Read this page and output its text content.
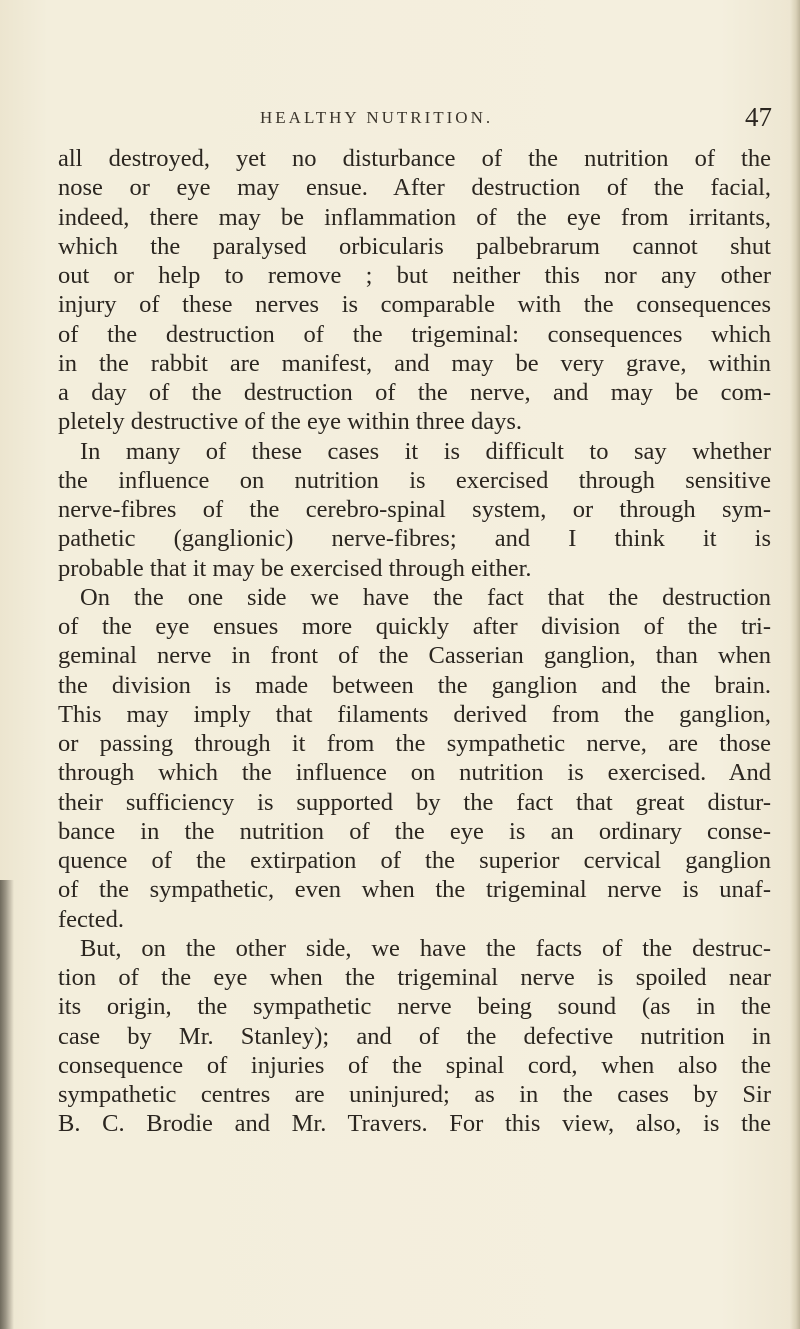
HEALTHY NUTRITION.	47
all destroyed, yet no disturbance of the nutrition of the
nose or eye may ensue. After destruction of the facial,
indeed, there may be inflammation of the eye from irritants,
which the paralysed orbicularis palbebrarum cannot shut
out or help to remove ; but neither this nor any other
injury of these nerves is comparable with the consequences
of the destruction of the trigeminal: consequences which
in the rabbit are manifest, and may be very grave, within
a day of the destruction of the nerve, and may be com-
pletely destructive of the eye within three days.
In many of these cases it is difficult to say whether
the influence on nutrition is exercised through sensitive
nerve-fibres of the cerebro-spinal system, or through sym-
pathetic (ganglionic) nerve-fibres; and I think it is
probable that it may be exercised through either.
On the one side we have the fact that the destruction
of the eye ensues more quickly after division of the tri-
geminal nerve in front of the Casserian ganglion, than when
the division is made between the ganglion and the brain.
This may imply that filaments derived from the ganglion,
or passing through it from the sympathetic nerve, are those
through which the influence on nutrition is exercised. And
their sufficiency is supported by the fact that great distur-
bance in the nutrition of the eye is an ordinary conse-
quence of the extirpation of the superior cervical ganglion
of the sympathetic, even when the trigeminal nerve is unaf-
fected.
But, on the other side, we have the facts of the destruc-
tion of the eye when the trigeminal nerve is spoiled near
its origin, the sympathetic nerve being sound (as in the
case by Mr. Stanley); and of the defective nutrition in
consequence of injuries of the spinal cord, when also the
sympathetic centres are uninjured; as in the cases by Sir
B. C. Brodie and Mr. Travers. For this view, also, is the
